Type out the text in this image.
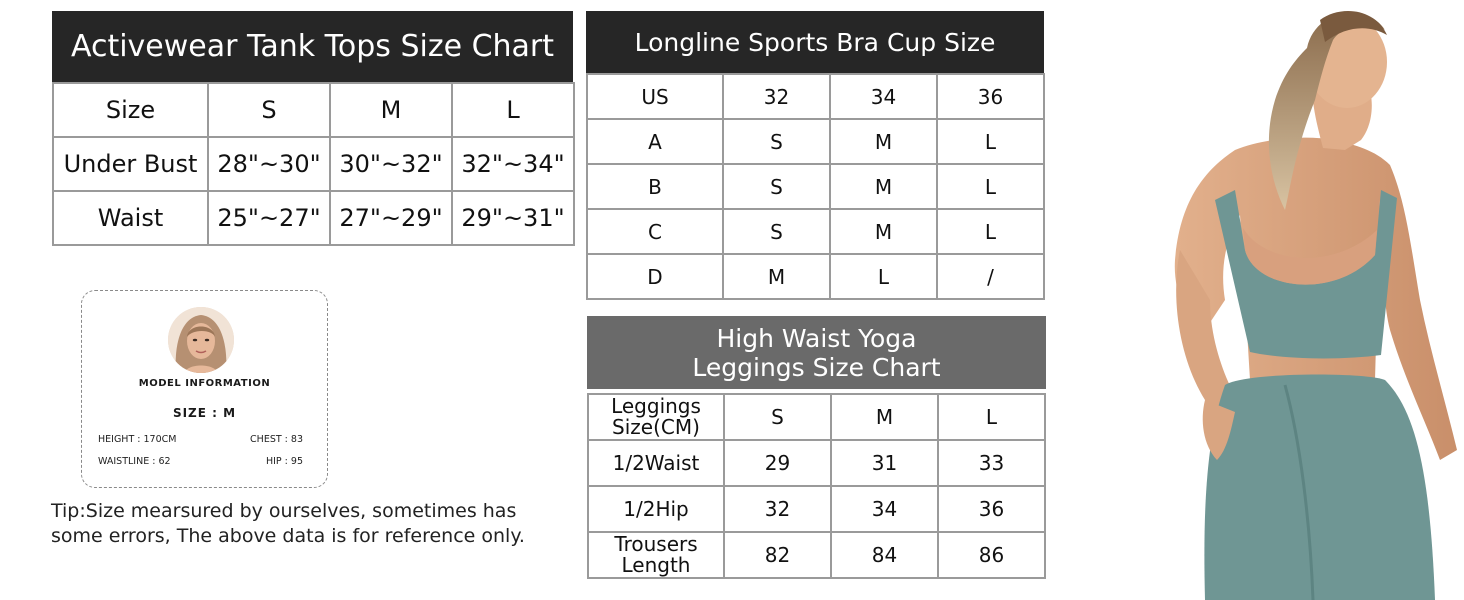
Activewear Tank Tops Size Chart
Size	S	M	L
Under Bust	28"~30"	30"~32"	32"~34"
Waist	25"~27"	27"~29"	29"~31"
Longline Sports Bra Cup Size
US	32	34	36
A	S	M	L
B	S	M	L
C	S	M	L
D	M	L	/
High Waist Yoga
Leggings Size Chart
Leggings Size(CM)	S	M	L
1/2Waist	29	31	33
1/2Hip	32	34	36
Trousers Length	82	84	86
MODEL INFORMATION
SIZE : M
HEIGHT : 170CM	CHEST : 83
WAISTLINE : 62	HIP : 95
Tip:Size mearsured by ourselves, sometimes has some errors, The above data is for reference only.
